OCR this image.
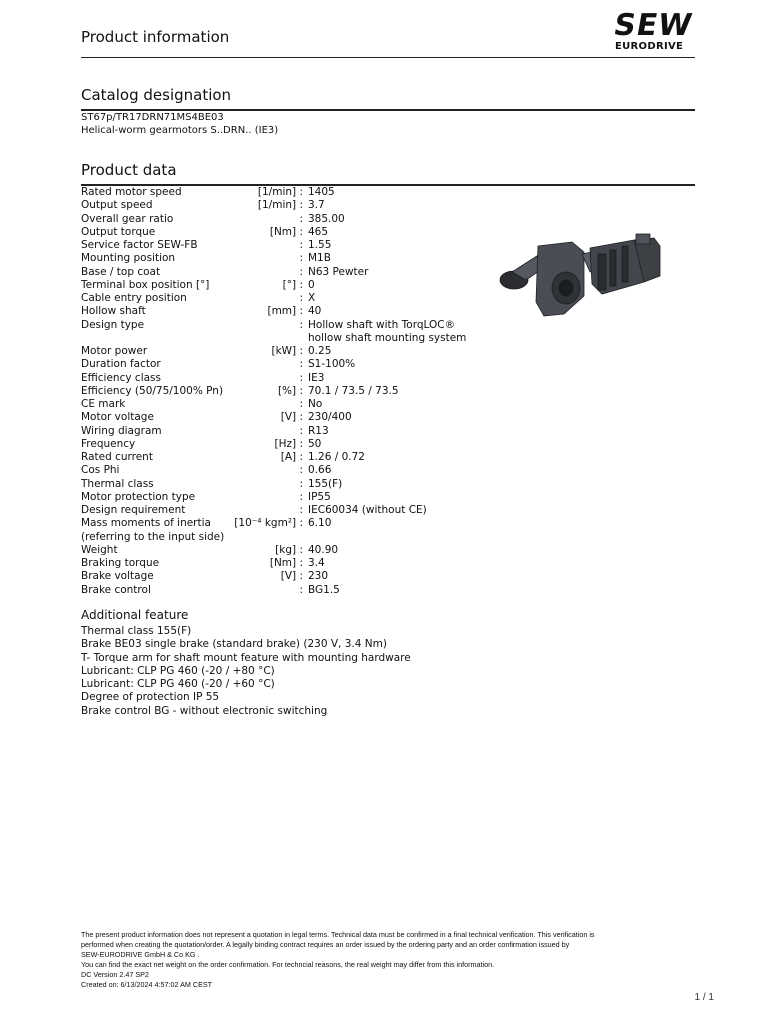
Product information	SEW
EURODRIVE
Catalog designation
ST67p/TR17DRN71MS4BE03
Helical-worm gearmotors S..DRN.. (IE3)
Product data
Rated motor speed	[1/min] : 1405
Output speed	[1/min] : 3.7
Overall gear ratio	: 385.00
Output torque	[Nm] : 465
Service factor SEW-FB	: 1.55
Mounting position	: M1B
Base / top coat	: N63 Pewter
Terminal box position [°]	[°] : 0
Cable entry position	: X
Hollow shaft	[mm] : 40
Design type	: Hollow shaft with TorqLOC®
hollow shaft mounting system
Motor power	[kW] : 0.25
Duration factor	: S1-100%
Efficiency class	: IE3
Efficiency (50/75/100% Pn)	[%] : 70.1 / 73.5 / 73.5
CE mark	: No
Motor voltage	[V] : 230/400
Wiring diagram	: R13
Frequency	[Hz] : 50
Rated current	[A] : 1.26 / 0.72
Cos Phi	: 0.66
Thermal class	: 155(F)
Motor protection type	: IP55
Design requirement	: IEC60034 (without CE)
Mass moments of inertia [10⁻⁴ kgm²] : 6.10
(referring to the input side)
Weight	[kg] : 40.90
Braking torque	[Nm] : 3.4
Brake voltage	[V] : 230
Brake control	: BG1.5
Additional feature
Thermal class 155(F)
Brake BE03 single brake (standard brake) (230 V, 3.4 Nm)
T- Torque arm for shaft mount feature with mounting hardware
Lubricant: CLP PG 460 (-20 / +80 °C)
Lubricant: CLP PG 460 (-20 / +60 °C)
Degree of protection IP 55
Brake control BG - without electronic switching
The present product information does not represent a quotation in legal terms. Technical data must be confirmed in a final technical verification. This verification is
performed when creating the quotation/order. A legally binding contract requires an order issued by the ordering party and an order confirmation issued by
SEW-EURODRIVE GmbH & Co KG .
You can find the exact net weight on the order confirmation. For techncial reasons, the real weight may differ from this information.
DC Version 2.47 SP2
Created on: 6/13/2024 4:57:02 AM CEST
1 / 1
